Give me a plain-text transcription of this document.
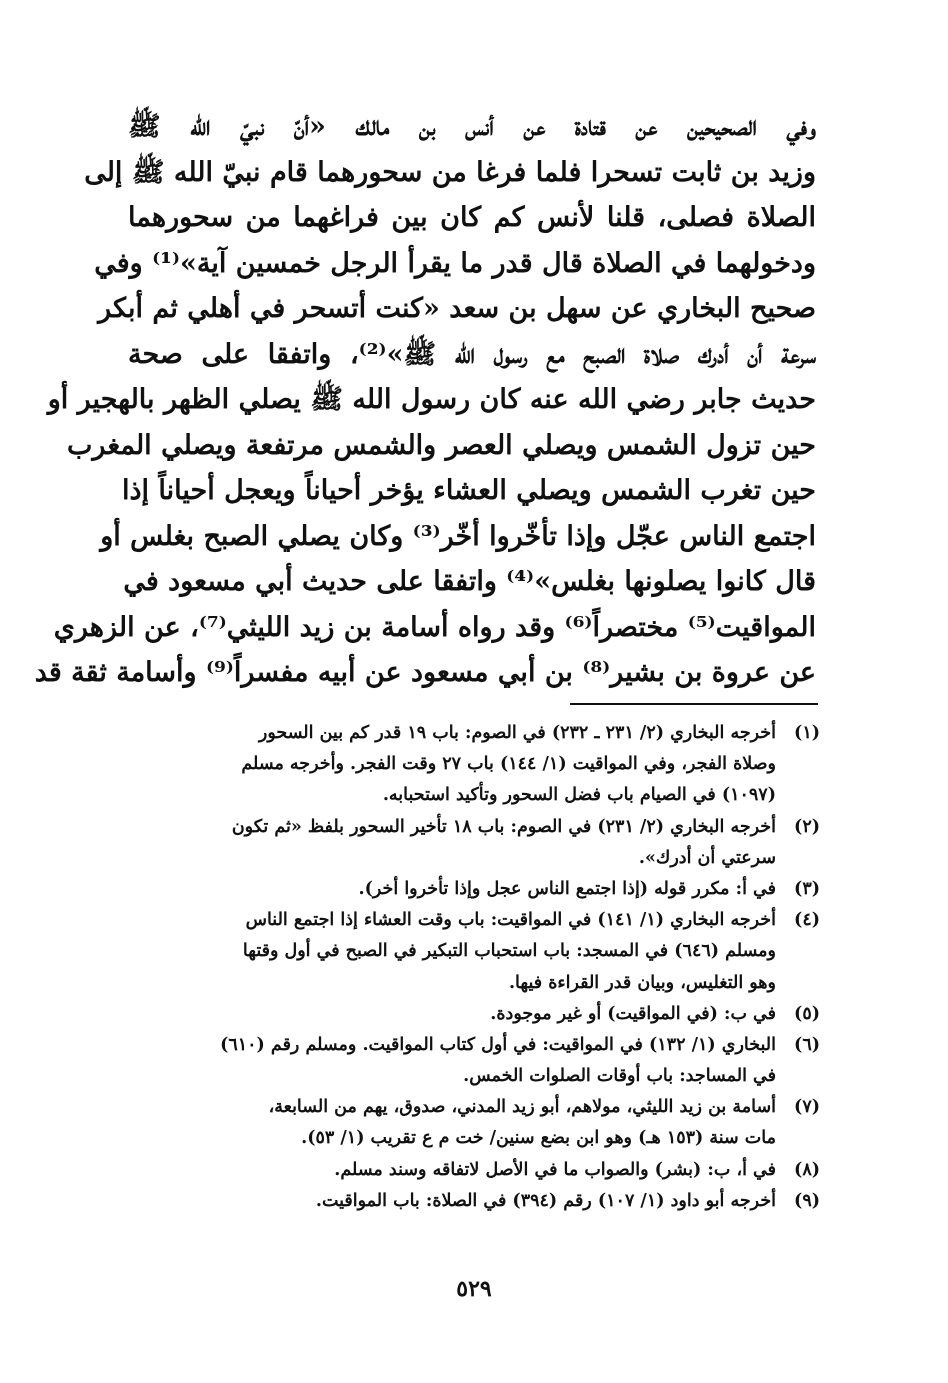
وفي الصحيحين عن قتادة عن أنس بن مالك «أنّ نبيّ الله ﷺ
وزيد بن ثابت تسحرا فلما فرغا من سحورهما قام نبيّ الله ﷺ إلى
الصلاة فصلى، قلنا لأنس كم كان بين فراغهما من سحورهما
ودخولهما في الصلاة قال قدر ما يقرأ الرجل خمسين آية»⁽¹⁾ وفي
صحيح البخاري عن سهل بن سعد «كنت أتسحر في أهلي ثم أبكر
سرعة أن أدرك صلاة الصبح مع رسول الله ﷺ»⁽²⁾، واتفقا على صحة
حديث جابر رضي الله عنه كان رسول الله ﷺ يصلي الظهر بالهجير أو
حين تزول الشمس ويصلي العصر والشمس مرتفعة ويصلي المغرب
حين تغرب الشمس ويصلي العشاء يؤخر أحياناً ويعجل أحياناً إذا
اجتمع الناس عجّل وإذا تأخّروا أخّر⁽³⁾ وكان يصلي الصبح بغلس أو
قال كانوا يصلونها بغلس»⁽⁴⁾ واتفقا على حديث أبي مسعود في
المواقيت⁽⁵⁾ مختصراً⁽⁶⁾ وقد رواه أسامة بن زيد الليثي⁽⁷⁾، عن الزهري
عن عروة بن بشير⁽⁸⁾ بن أبي مسعود عن أبيه مفسراً⁽⁹⁾ وأسامة ثقة قد

(١)
أخرجه البخاري (٢/ ٢٣١ ـ ٢٣٢) في الصوم: باب ١٩ قدر كم بين السحور
وصلاة الفجر، وفي المواقيت (١/ ١٤٤) باب ٢٧ وقت الفجر. وأخرجه مسلم
(١٠٩٧) في الصيام باب فضل السحور وتأكيد استحبابه.
(٢)
أخرجه البخاري (٢/ ٢٣١) في الصوم: باب ١٨ تأخير السحور بلفظ «ثم تكون
سرعتي أن أدرك».
(٣)
في أ: مكرر قوله (إذا اجتمع الناس عجل وإذا تأخروا أخر).
(٤)
أخرجه البخاري (١/ ١٤١) في المواقيت: باب وقت العشاء إذا اجتمع الناس
ومسلم (٦٤٦) في المسجد: باب استحباب التبكير في الصبح في أول وقتها
وهو التغليس، وبيان قدر القراءة فيها.
(٥)
في ب: (في المواقيت) أو غير موجودة.
(٦)
البخاري (١/ ١٣٢) في المواقيت: في أول كتاب المواقيت. ومسلم رقم (٦١٠)
في المساجد: باب أوقات الصلوات الخمس.
(٧)
أسامة بن زيد الليثي، مولاهم، أبو زيد المدني، صدوق، يهم من السابعة،
مات سنة (١٥٣ هـ) وهو ابن بضع سنين/ خت م ع تقريب (١/ ٥٣).
(٨)
في أ، ب: (بشر) والصواب ما في الأصل لاتفاقه وسند مسلم.
(٩)
أخرجه أبو داود (١/ ١٠٧) رقم (٣٩٤) في الصلاة: باب المواقيت.
٥٢٩
